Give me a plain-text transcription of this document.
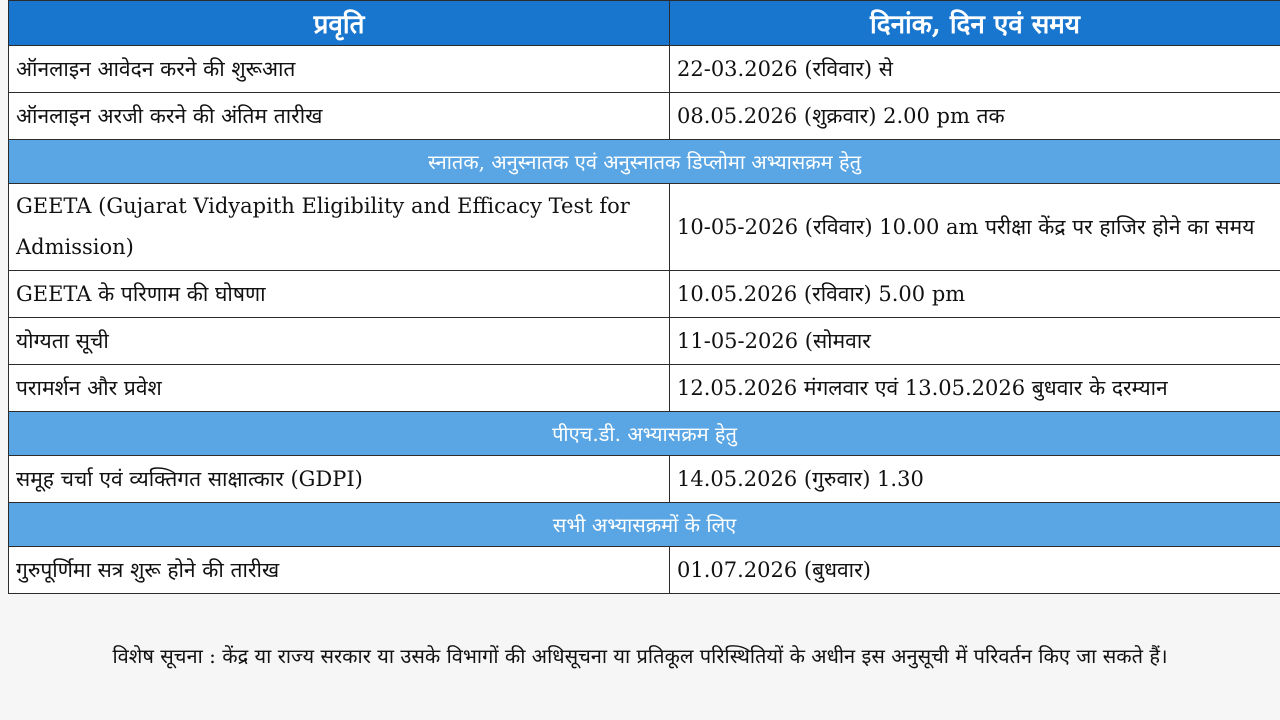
प्रवृति	दिनांक, दिन एवं समय
ऑनलाइन आवेदन करने की शुरूआत	22-03.2026 (रविवार) से
ऑनलाइन अरजी करने की अंतिम तारीख	08.05.2026 (शुक्रवार) 2.00 pm तक
स्नातक, अनुस्नातक एवं अनुस्नातक डिप्लोमा अभ्यासक्रम हेतु	
GEETA (Gujarat Vidyapith Eligibility and Efficacy Test for Admission)	10-05-2026 (रविवार) 10.00 am परीक्षा केंद्र पर हाजिर होने का समय
GEETA के परिणाम की घोषणा	10.05.2026 (रविवार) 5.00 pm
योग्यता सूची	11-05-2026 (सोमवार
परामर्शन और प्रवेश	12.05.2026 मंगलवार एवं 13.05.2026 बुधवार के दरम्यान
पीएच.डी. अभ्यासक्रम हेतु	
समूह चर्चा एवं व्यक्तिगत साक्षात्कार (GDPI)	14.05.2026 (गुरुवार) 1.30
सभी अभ्यासक्रमों के लिए	
गुरुपूर्णिमा सत्र शुरू होने की तारीख	01.07.2026 (बुधवार)
विशेष सूचना : केंद्र या राज्य सरकार या उसके विभागों की अधिसूचना या प्रतिकूल परिस्थितियों के अधीन इस अनुसूची में परिवर्तन किए जा सकते हैं।
